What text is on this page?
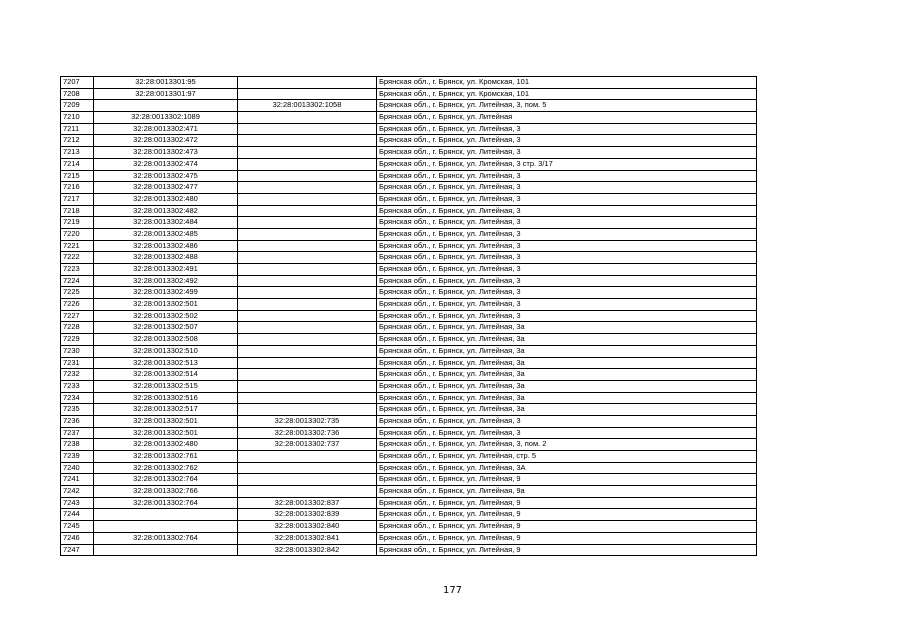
7207	32:28:0013301:95		Брянская обл., г. Брянск, ул. Кромская, 101
7208	32:28:0013301:97		Брянская обл., г. Брянск, ул. Кромская, 101
7209		32:28:0013302:1058	Брянская обл., г. Брянск, ул. Литейная, 3, пом. 5
7210	32:28:0013302:1089		Брянская обл., г. Брянск, ул. Литейная
7211	32:28:0013302:471		Брянская обл., г. Брянск, ул. Литейная, 3
7212	32:28:0013302:472		Брянская обл., г. Брянск, ул. Литейная, 3
7213	32:28:0013302:473		Брянская обл., г. Брянск, ул. Литейная, 3
7214	32:28:0013302:474		Брянская обл., г. Брянск, ул. Литейная, 3 стр. 3/17
7215	32:28:0013302:475		Брянская обл., г. Брянск, ул. Литейная, 3
7216	32:28:0013302:477		Брянская обл., г. Брянск, ул. Литейная, 3
7217	32:28:0013302:480		Брянская обл., г. Брянск, ул. Литейная, 3
7218	32:28:0013302:482		Брянская обл., г. Брянск, ул. Литейная, 3
7219	32:28:0013302:484		Брянская обл., г. Брянск, ул. Литейная, 3
7220	32:28:0013302:485		Брянская обл., г. Брянск, ул. Литейная, 3
7221	32:28:0013302:486		Брянская обл., г. Брянск, ул. Литейная, 3
7222	32:28:0013302:488		Брянская обл., г. Брянск, ул. Литейная, 3
7223	32:28:0013302:491		Брянская обл., г. Брянск, ул. Литейная, 3
7224	32:28:0013302:492		Брянская обл., г. Брянск, ул. Литейная, 3
7225	32:28:0013302:499		Брянская обл., г. Брянск, ул. Литейная, 3
7226	32:28:0013302:501		Брянская обл., г. Брянск, ул. Литейная, 3
7227	32:28:0013302:502		Брянская обл., г. Брянск, ул. Литейная, 3
7228	32:28:0013302:507		Брянская обл., г. Брянск, ул. Литейная, 3а
7229	32:28:0013302:508		Брянская обл., г. Брянск, ул. Литейная, 3а
7230	32:28:0013302:510		Брянская обл., г. Брянск, ул. Литейная, 3а
7231	32:28:0013302:513		Брянская обл., г. Брянск, ул. Литейная, 3а
7232	32:28:0013302:514		Брянская обл., г. Брянск, ул. Литейная, 3а
7233	32:28:0013302:515		Брянская обл., г. Брянск, ул. Литейная, 3а
7234	32:28:0013302:516		Брянская обл., г. Брянск, ул. Литейная, 3а
7235	32:28:0013302:517		Брянская обл., г. Брянск, ул. Литейная, 3а
7236	32:28:0013302:501	32:28:0013302:735	Брянская обл., г. Брянск, ул. Литейная, 3
7237	32:28:0013302:501	32:28:0013302:736	Брянская обл., г. Брянск, ул. Литейная, 3
7238	32:28:0013302:480	32:28:0013302:737	Брянская обл., г. Брянск, ул. Литейная, 3, пом. 2
7239	32:28:0013302:761		Брянская обл., г. Брянск, ул. Литейная, стр. 5
7240	32:28:0013302:762		Брянская обл., г. Брянск, ул. Литейная, 3А
7241	32:28:0013302:764		Брянская обл., г. Брянск, ул. Литейная, 9
7242	32:28:0013302:766		Брянская обл., г. Брянск, ул. Литейная, 9а
7243	32:28:0013302:764	32:28:0013302:837	Брянская обл., г. Брянск, ул. Литейная, 9
7244		32:28:0013302:839	Брянская обл., г. Брянск, ул. Литейная, 9
7245		32:28:0013302:840	Брянская обл., г. Брянск, ул. Литейная, 9
7246	32:28:0013302:764	32:28:0013302:841	Брянская обл., г. Брянск, ул. Литейная, 9
7247		32:28:0013302:842	Брянская обл., г. Брянск, ул. Литейная, 9
177
